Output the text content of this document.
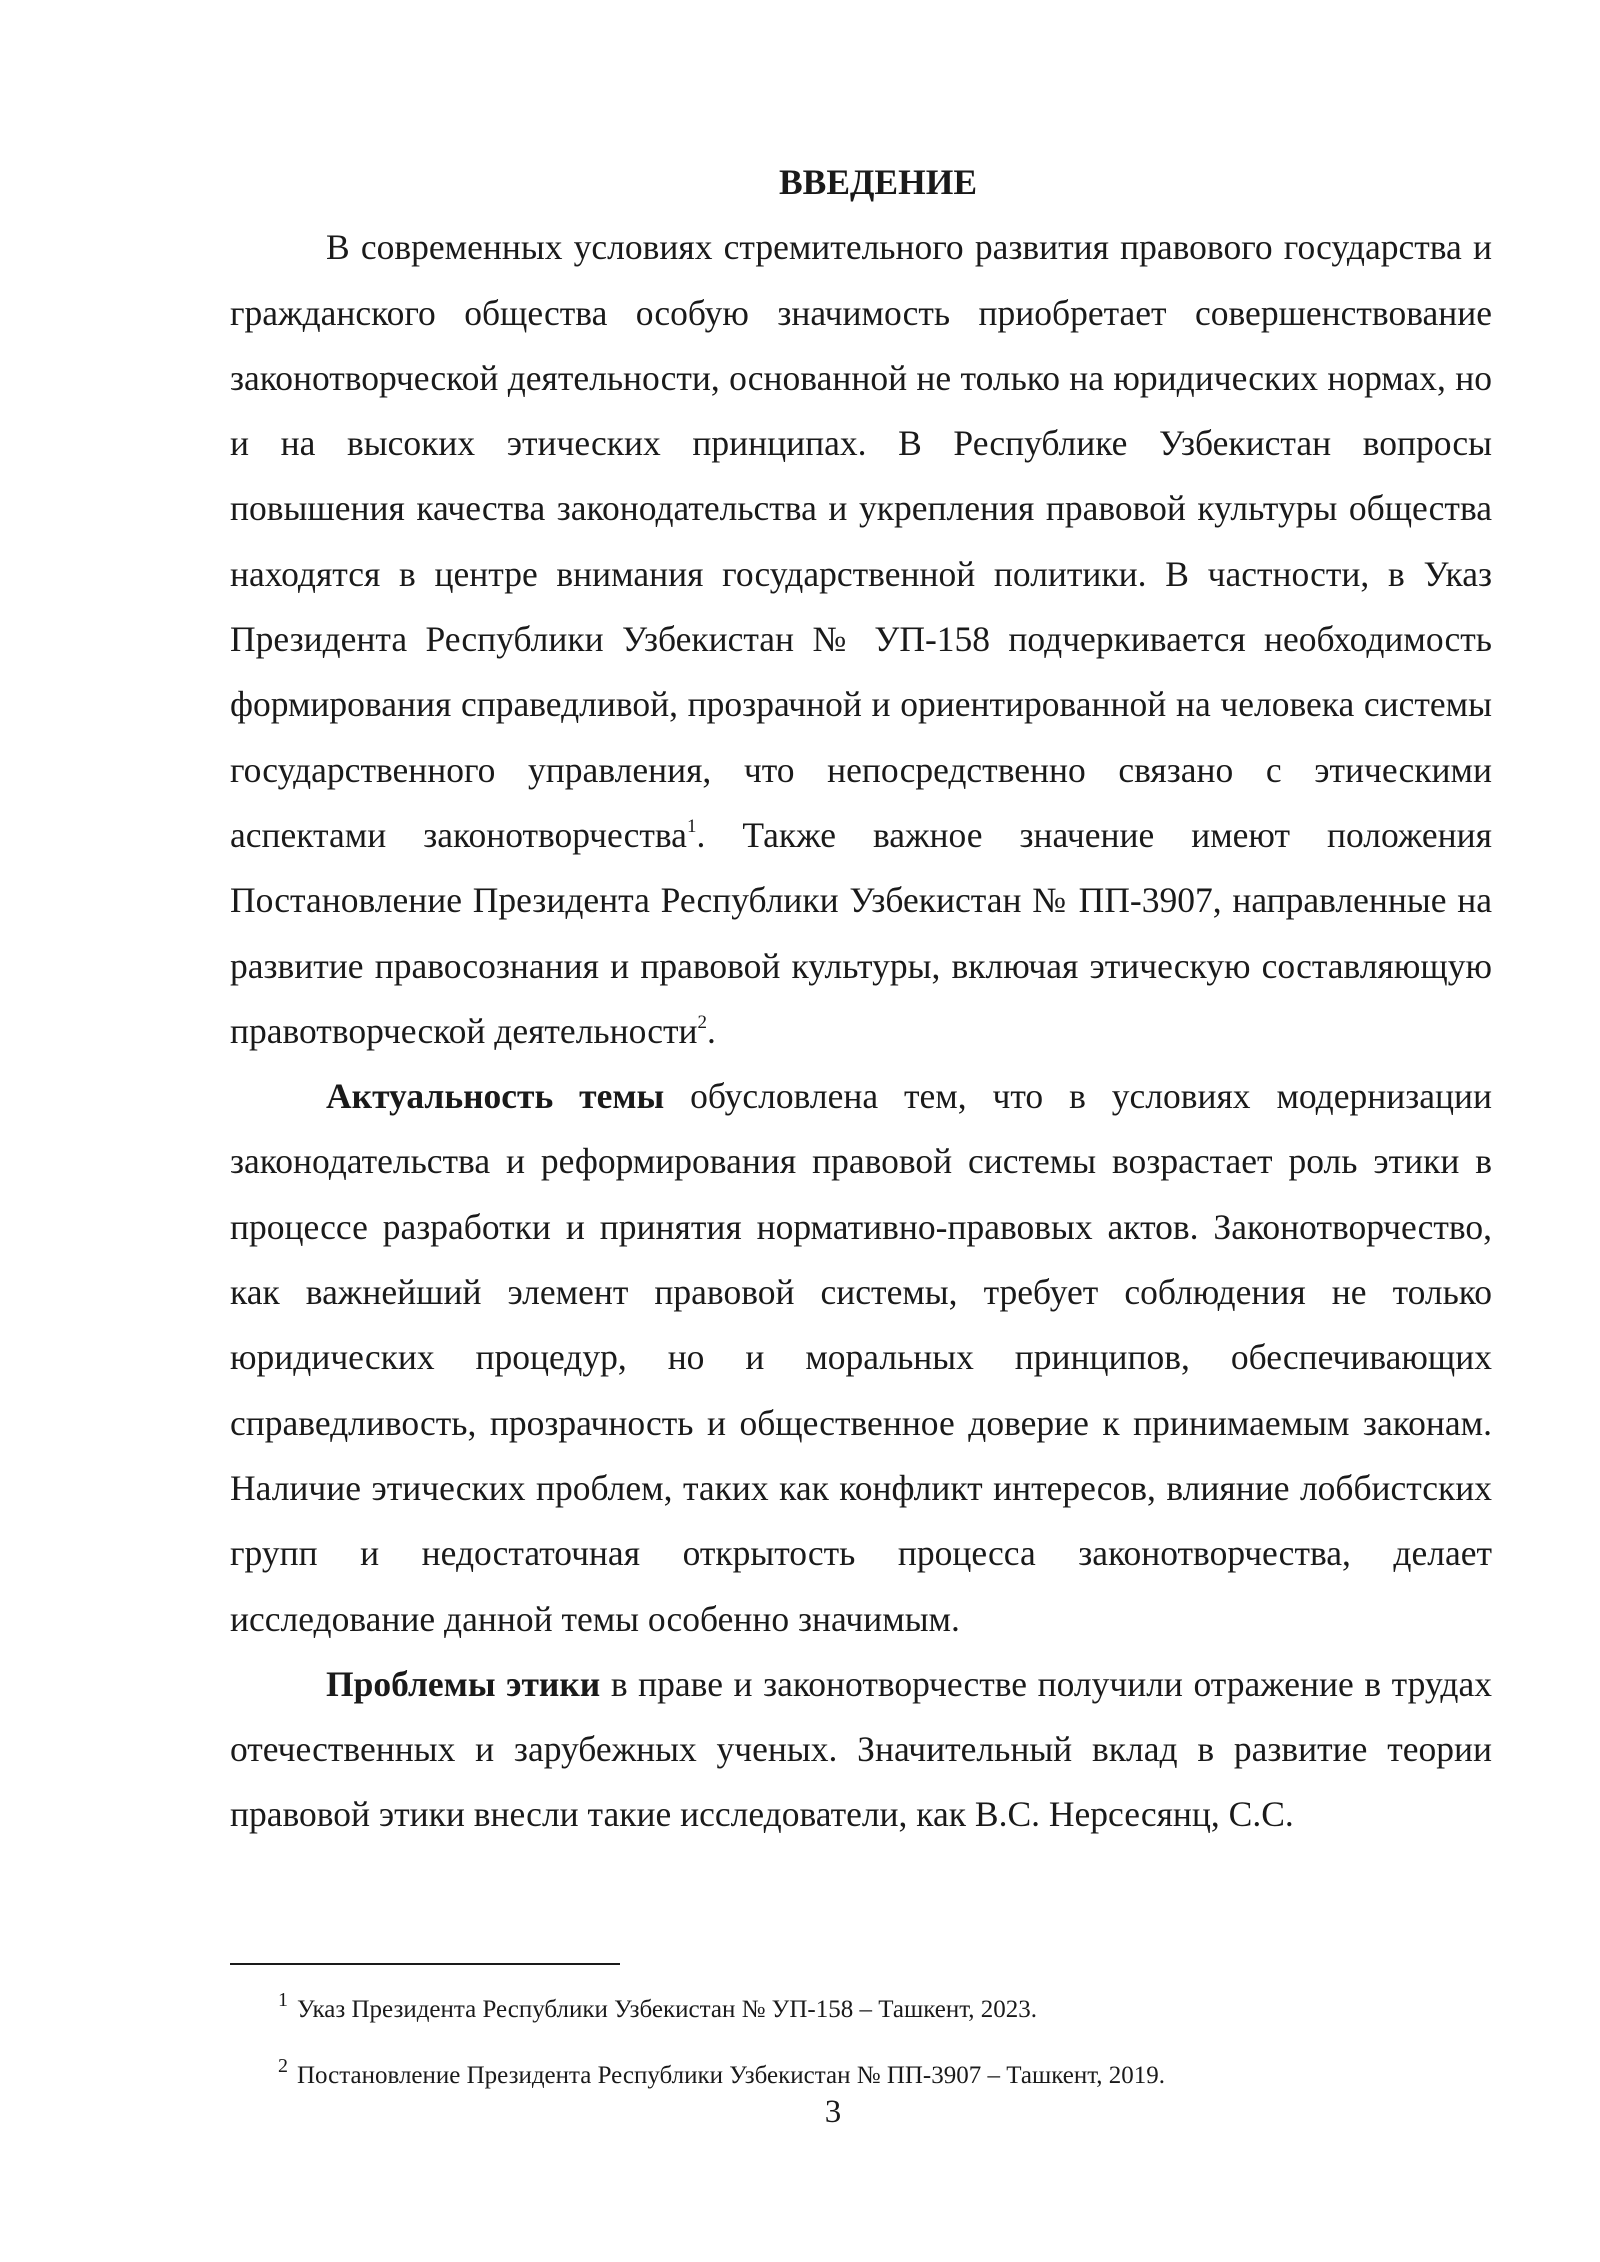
ВВЕДЕНИЕ

В современных условиях стремительного развития правового государства и гражданского общества особую значимость приобретает совершенствование законотворческой деятельности, основанной не только на юридических нормах, но и на высоких этических принципах. В Республике Узбекистан вопросы повышения качества законодательства и укрепления правовой культуры общества находятся в центре внимания государственной политики. В частности, в Указ Президента Республики Узбекистан № УП-158 подчеркивается необходимость формирования справедливой, прозрачной и ориентированной на человека системы государственного управления, что непосредственно связано с этическими аспектами законотворчества$^1$. Также важное значение имеют положения Постановление Президента Республики Узбекистан № ПП-3907, направленные на развитие правосознания и правовой культуры, включая этическую составляющую правотворческой деятельности$^2$.

Актуальность темы обусловлена тем, что в условиях модернизации законодательства и реформирования правовой системы возрастает роль этики в процессе разработки и принятия нормативно-правовых актов. Законотворчество, как важнейший элемент правовой системы, требует соблюдения не только юридических процедур, но и моральных принципов, обеспечивающих справедливость, прозрачность и общественное доверие к принимаемым законам. Наличие этических проблем, таких как конфликт интересов, влияние лоббистских групп и недостаточная открытость процесса законотворчества, делает исследование данной темы особенно значимым.

Проблемы этики в праве и законотворчестве получили отражение в трудах отечественных и зарубежных ученых. Значительный вклад в развитие теории правовой этики внесли такие исследователи, как В.С. Нерсесянц, С.С.

$^1$ Указ Президента Республики Узбекистан № УП-158 – Ташкент, 2023.
$^2$ Постановление Президента Республики Узбекистан № ПП-3907 – Ташкент, 2019.
3
